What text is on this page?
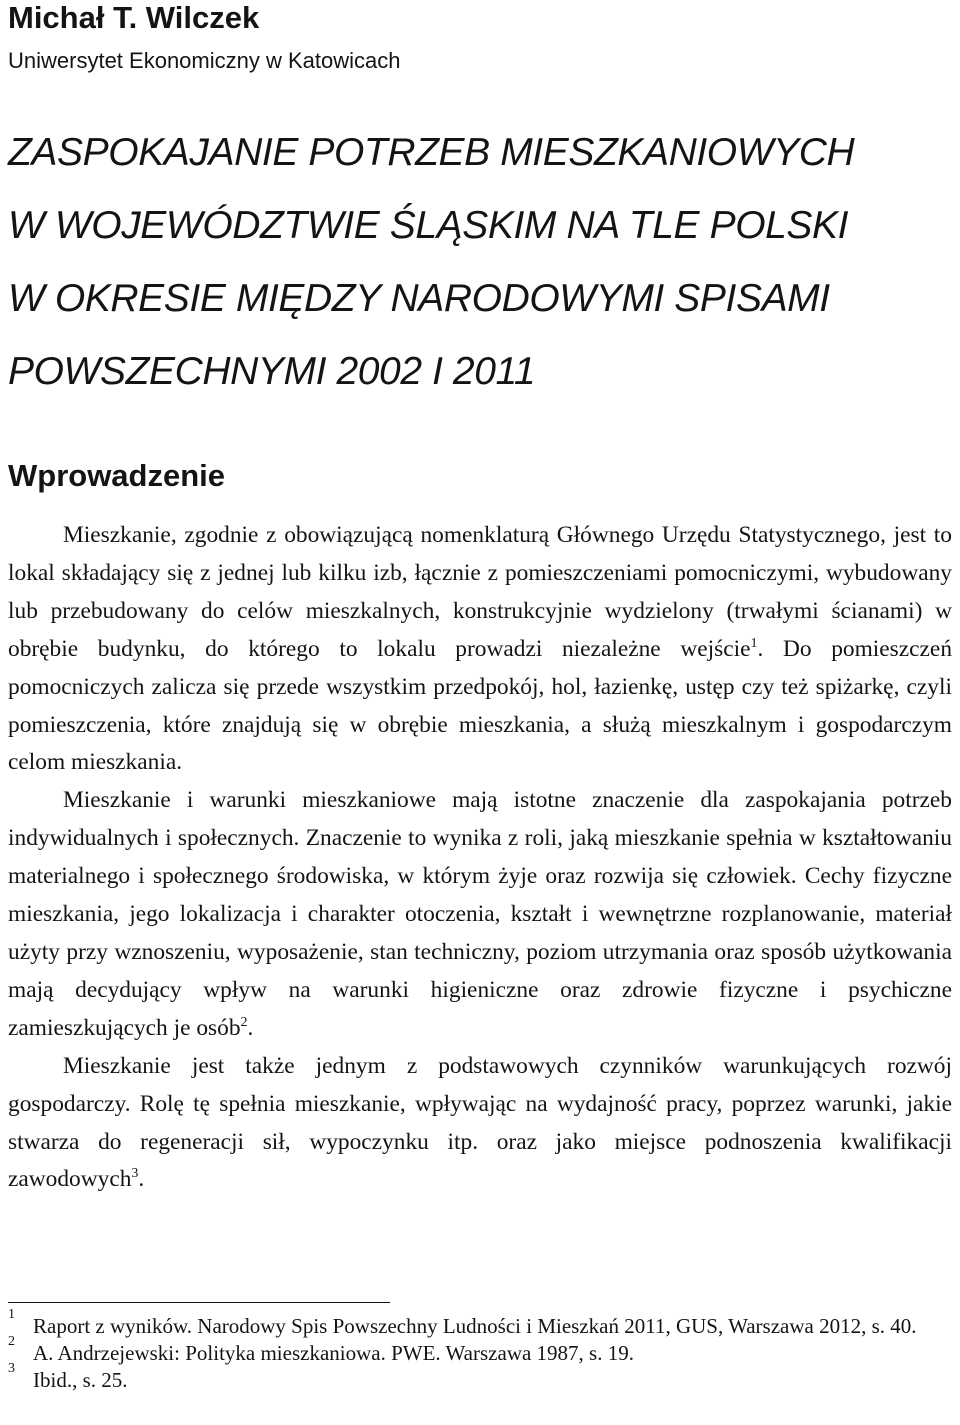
Michał T. Wilczek
Uniwersytet Ekonomiczny w Katowicach
ZASPOKAJANIE POTRZEB MIESZKANIOWYCH
W WOJEWÓDZTWIE ŚLĄSKIM NA TLE POLSKI
W OKRESIE MIĘDZY NARODOWYMI SPISAMI
POWSZECHNYMI 2002 I 2011
Wprowadzenie

Mieszkanie, zgodnie z obowiązującą nomenklaturą Głównego Urzędu Statystycznego, jest to lokal składający się z jednej lub kilku izb, łącznie z pomieszczeniami pomocniczymi, wybudowany lub przebudowany do celów mieszkalnych, konstrukcyjnie wydzielony (trwałymi ścianami) w obrębie budynku, do którego to lokalu prowadzi niezależne wejście$^1$. Do pomieszczeń pomocniczych zalicza się przede wszystkim przedpokój, hol, łazienkę, ustęp czy też spiżarkę, czyli pomieszczenia, które znajdują się w obrębie mieszkania, a służą mieszkalnym i gospodarczym celom mieszkania.

Mieszkanie i warunki mieszkaniowe mają istotne znaczenie dla zaspokajania potrzeb indywidualnych i społecznych. Znaczenie to wynika z roli, jaką mieszkanie spełnia w kształtowaniu materialnego i społecznego środowiska, w którym żyje oraz rozwija się człowiek. Cechy fizyczne mieszkania, jego lokalizacja i charakter otoczenia, kształt i wewnętrzne rozplanowanie, materiał użyty przy wznoszeniu, wyposażenie, stan techniczny, poziom utrzymania oraz sposób użytkowania mają decydujący wpływ na warunki higieniczne oraz zdrowie fizyczne i psychiczne zamieszkujących je osób$^2$.

Mieszkanie jest także jednym z podstawowych czynników warunkujących rozwój gospodarczy. Rolę tę spełnia mieszkanie, wpływając na wydajność pracy, poprzez warunki, jakie stwarza do regeneracji sił, wypoczynku itp. oraz jako miejsce podnoszenia kwalifikacji zawodowych$^3$.

1 Raport z wyników. Narodowy Spis Powszechny Ludności i Mieszkań 2011, GUS, Warszawa 2012, s. 40.
2 A. Andrzejewski: Polityka mieszkaniowa. PWE. Warszawa 1987, s. 19.
3 Ibid., s. 25.
